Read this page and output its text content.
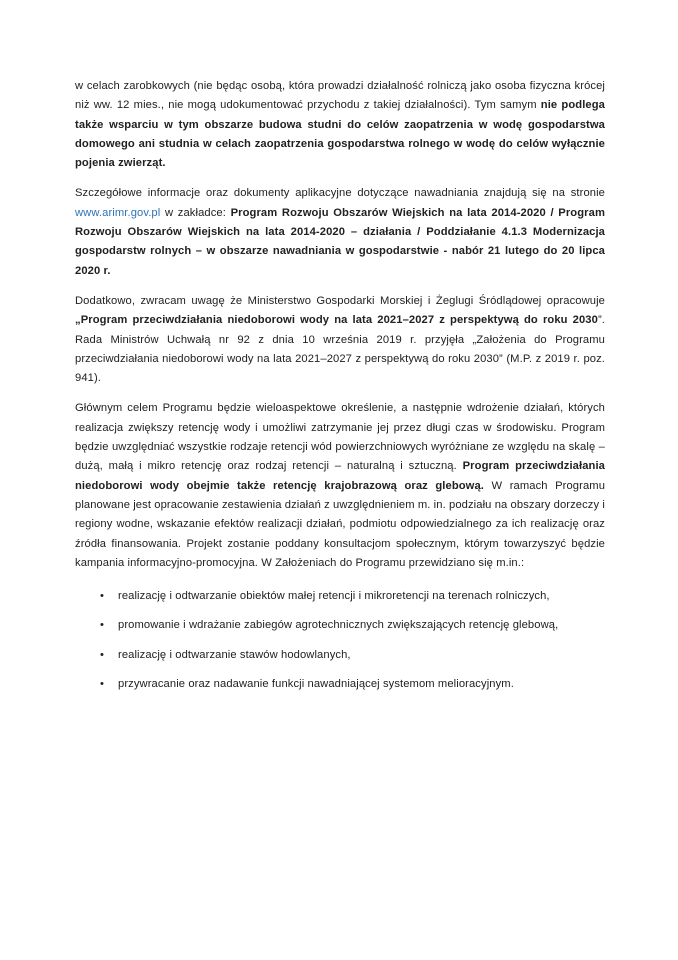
w celach zarobkowych (nie będąc osobą, która prowadzi działalność rolniczą jako osoba fizyczna krócej niż ww. 12 mies., nie mogą udokumentować przychodu z takiej działalności). Tym samym nie podlega także wsparciu w tym obszarze budowa studni do celów zaopatrzenia w wodę gospodarstwa domowego ani studnia w celach zaopatrzenia gospodarstwa rolnego w wodę do celów wyłącznie pojenia zwierząt.

Szczegółowe informacje oraz dokumenty aplikacyjne dotyczące nawadniania znajdują się na stronie www.arimr.gov.pl w zakładce: Program Rozwoju Obszarów Wiejskich na lata 2014-2020 / Program Rozwoju Obszarów Wiejskich na lata 2014-2020 – działania / Poddziałanie 4.1.3 Modernizacja gospodarstw rolnych – w obszarze nawadniania w gospodarstwie - nabór 21 lutego do 20 lipca 2020 r.

Dodatkowo, zwracam uwagę że Ministerstwo Gospodarki Morskiej i Żeglugi Śródlądowej opracowuje „Program przeciwdziałania niedoborowi wody na lata 2021–2027 z perspektywą do roku 2030”. Rada Ministrów Uchwałą nr 92 z dnia 10 września 2019 r. przyjęła „Założenia do Programu przeciwdziałania niedoborowi wody na lata 2021–2027 z perspektywą do roku 2030” (M.P. z 2019 r. poz. 941).

Głównym celem Programu będzie wieloaspektowe określenie, a następnie wdrożenie działań, których realizacja zwiększy retencję wody i umożliwi zatrzymanie jej przez długi czas w środowisku. Program będzie uwzględniać wszystkie rodzaje retencji wód powierzchniowych wyróżniane ze względu na skalę – dużą, małą i mikro retencję oraz rodzaj retencji – naturalną i sztuczną. Program przeciwdziałania niedoborowi wody obejmie także retencję krajobrazową oraz glebową. W ramach Programu planowane jest opracowanie zestawienia działań z uwzględnieniem m. in. podziału na obszary dorzeczy i regiony wodne, wskazanie efektów realizacji działań, podmiotu odpowiedzialnego za ich realizację oraz źródła finansowania. Projekt zostanie poddany konsultacjom społecznym, którym towarzyszyć będzie kampania informacyjno-promocyjna. W Założeniach do Programu przewidziano się m.in.:

•	realizację i odtwarzanie obiektów małej retencji i mikroretencji na terenach rolniczych,
•	promowanie i wdrażanie zabiegów agrotechnicznych zwiększających retencję glebową,
•	realizację i odtwarzanie stawów hodowlanych,
•	przywracanie oraz nadawanie funkcji nawadniającej systemom melioracyjnym.
